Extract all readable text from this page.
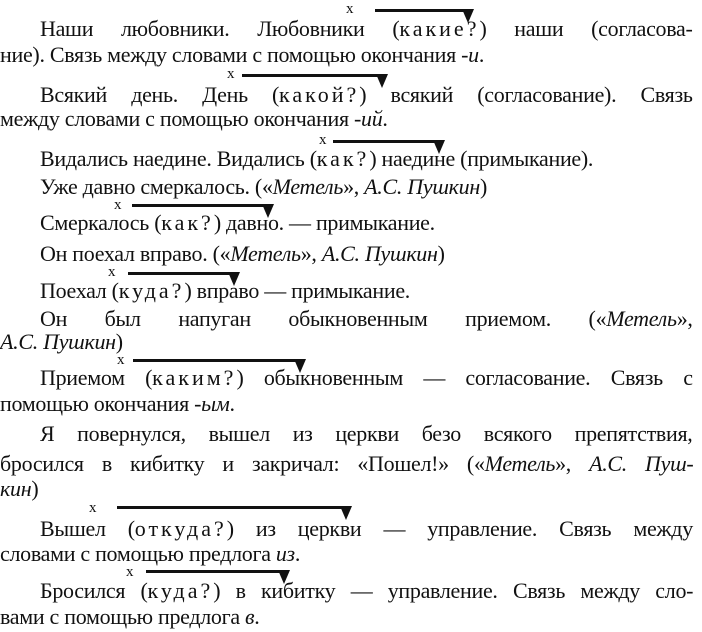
Наши любовники. Любовники (какие?) наши (согласова-
ние). Связь между словами с помощью окончания -и.
Всякий день. День (какой?) всякий (согласование). Связь
между словами с помощью окончания -ий.
Видались наедине. Видались (как?) наедине (примыкание).
Уже давно смеркалось. («Метель», А.С. Пушкин)
Смеркалось (как?) давно. — примыкание.
Он поехал вправо. («Метель», А.С. Пушкин)
Поехал (куда?) вправо — примыкание.
Он был напуган обыкновенным приемом. («Метель»,
А.С. Пушкин)
Приемом (каким?) обыкновенным — согласование. Связь с
помощью окончания -ым.
Я повернулся, вышел из церкви безо всякого препятствия,
бросился в кибитку и закричал: «Пошел!» («Метель», А.С. Пуш-
кин)
Вышел (откуда?) из церкви — управление. Связь между
словами с помощью предлога из.
Бросился (куда?) в кибитку — управление. Связь между сло-
вами с помощью предлога в.
x
x
x
x
x
x
x
x
